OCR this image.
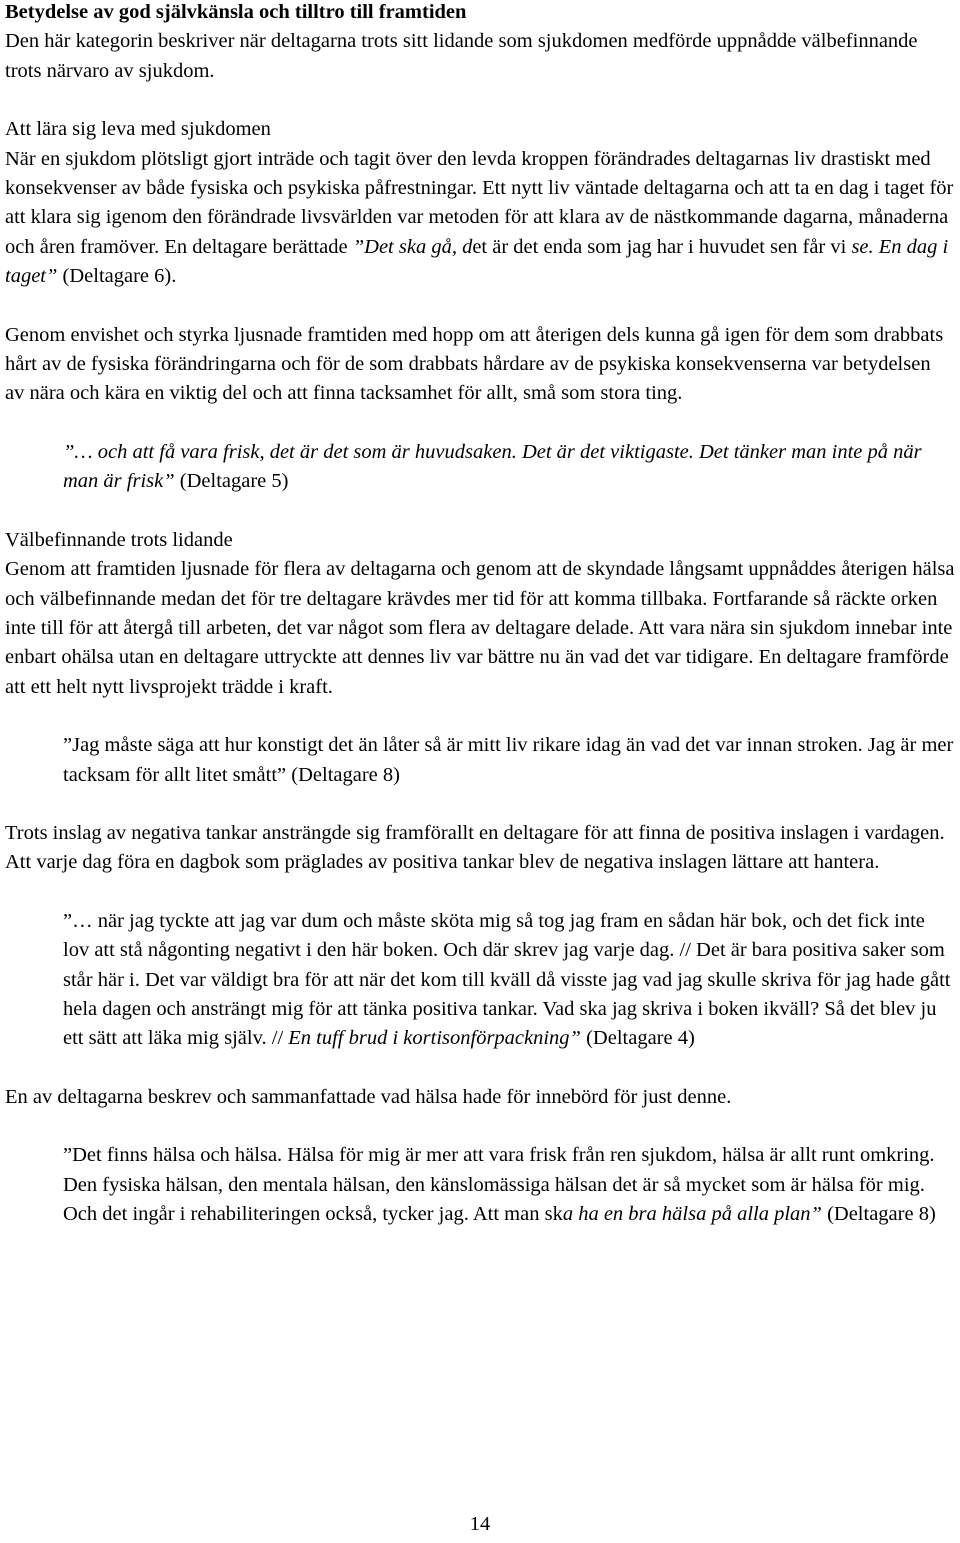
Betydelse av god självkänsla och tilltro till framtiden

Den här kategorin beskriver när deltagarna trots sitt lidande som sjukdomen medförde uppnådde välbefinnande trots närvaro av sjukdom.

Att lära sig leva med sjukdomen

När en sjukdom plötsligt gjort inträde och tagit över den levda kroppen förändrades deltagarnas liv drastiskt med konsekvenser av både fysiska och psykiska påfrestningar. Ett nytt liv väntade deltagarna och att ta en dag i taget för att klara sig igenom den förändrade livsvärlden var metoden för att klara av de nästkommande dagarna, månaderna och åren framöver. En deltagare berättade ”Det ska gå, det är det enda som jag har i huvudet sen får vi se. En dag i taget” (Deltagare 6).

Genom envishet och styrka ljusnade framtiden med hopp om att återigen dels kunna gå igen för dem som drabbats hårt av de fysiska förändringarna och för de som drabbats hårdare av de psykiska konsekvenserna var betydelsen av nära och kära en viktig del och att finna tacksamhet för allt, små som stora ting.

”… och att få vara frisk, det är det som är huvudsaken. Det är det viktigaste. Det tänker man inte på när man är frisk” (Deltagare 5)

Välbefinnande trots lidande

Genom att framtiden ljusnade för flera av deltagarna och genom att de skyndade långsamt uppnåddes återigen hälsa och välbefinnande medan det för tre deltagare krävdes mer tid för att komma tillbaka. Fortfarande så räckte orken inte till för att återgå till arbeten, det var något som flera av deltagare delade. Att vara nära sin sjukdom innebar inte enbart ohälsa utan en deltagare uttryckte att dennes liv var bättre nu än vad det var tidigare. En deltagare framförde att ett helt nytt livsprojekt trädde i kraft.

”Jag måste säga att hur konstigt det än låter så är mitt liv rikare idag än vad det var innan stroken. Jag är mer tacksam för allt litet smått” (Deltagare 8)

Trots inslag av negativa tankar ansträngde sig framförallt en deltagare för att finna de positiva inslagen i vardagen. Att varje dag föra en dagbok som präglades av positiva tankar blev de negativa inslagen lättare att hantera.

”… när jag tyckte att jag var dum och måste sköta mig så tog jag fram en sådan här bok, och det fick inte lov att stå någonting negativt i den här boken. Och där skrev jag varje dag. // Det är bara positiva saker som står här i. Det var väldigt bra för att när det kom till kväll då visste jag vad jag skulle skriva för jag hade gått hela dagen och ansträngt mig för att tänka positiva tankar. Vad ska jag skriva i boken ikväll? Så det blev ju ett sätt att läka mig själv. // En tuff brud i kortisonförpackning” (Deltagare 4)

En av deltagarna beskrev och sammanfattade vad hälsa hade för innebörd för just denne.

”Det finns hälsa och hälsa. Hälsa för mig är mer att vara frisk från ren sjukdom, hälsa är allt runt omkring. Den fysiska hälsan, den mentala hälsan, den känslomässiga hälsan det är så mycket som är hälsa för mig. Och det ingår i rehabiliteringen också, tycker jag. Att man ska ha en bra hälsa på alla plan” (Deltagare 8)

14
